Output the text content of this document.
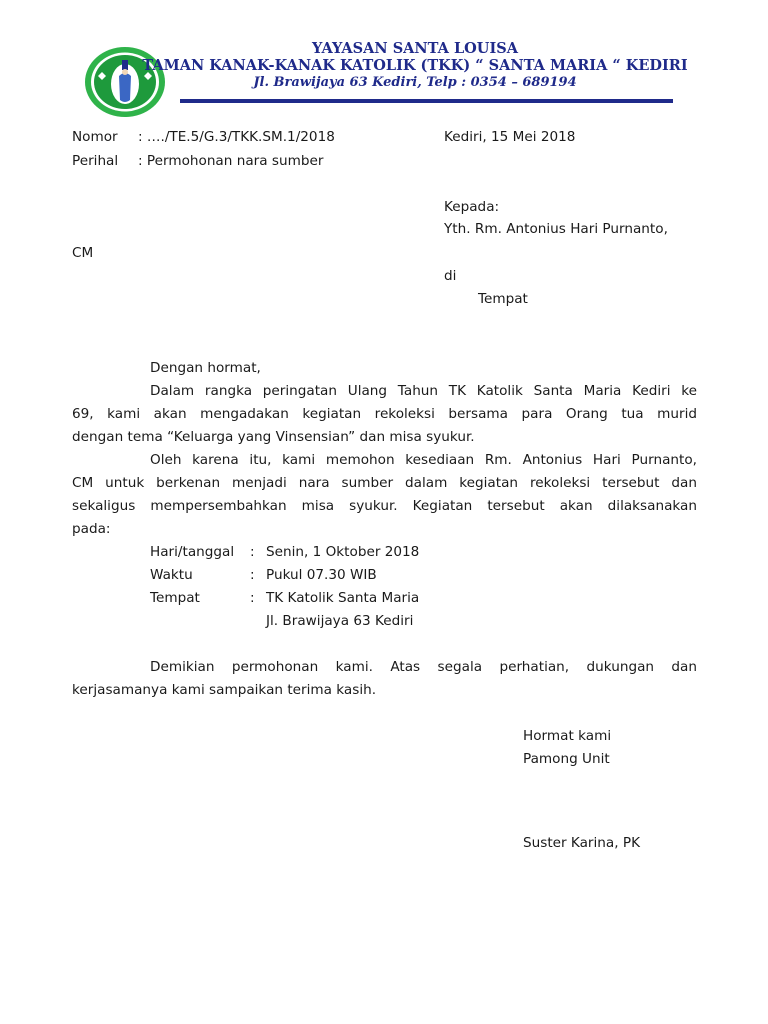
YAYASAN SANTA LOUISA
TAMAN KANAK-KANAK KATOLIK (TKK) “ SANTA MARIA “ KEDIRI
Jl. Brawijaya 63 Kediri, Telp : 0354 – 689194
Nomor : …./TE.5/G.3/TKK.SM.1/2018	Kediri, 15 Mei 2018
Perihal : Permohonan nara sumber
Kepada:
Yth. Rm. Antonius Hari Purnanto,
CM
di
Tempat
Dengan hormat,
Dalam rangka peringatan Ulang Tahun TK Katolik Santa Maria Kediri ke
69, kami akan mengadakan kegiatan rekoleksi bersama para Orang tua murid
dengan tema “Keluarga yang Vinsensian” dan misa syukur.
Oleh karena itu, kami memohon kesediaan Rm. Antonius Hari Purnanto,
CM untuk berkenan menjadi nara sumber dalam kegiatan rekoleksi tersebut dan
sekaligus mempersembahkan misa syukur. Kegiatan tersebut akan dilaksanakan
pada:
Hari/tanggal : Senin, 1 Oktober 2018
Waktu	: Pukul 07.30 WIB
Tempat	: TK Katolik Santa Maria
Jl. Brawijaya 63 Kediri
Demikian permohonan kami. Atas segala perhatian, dukungan dan
kerjasamanya kami sampaikan terima kasih.
Hormat kami
Pamong Unit
Suster Karina, PK
